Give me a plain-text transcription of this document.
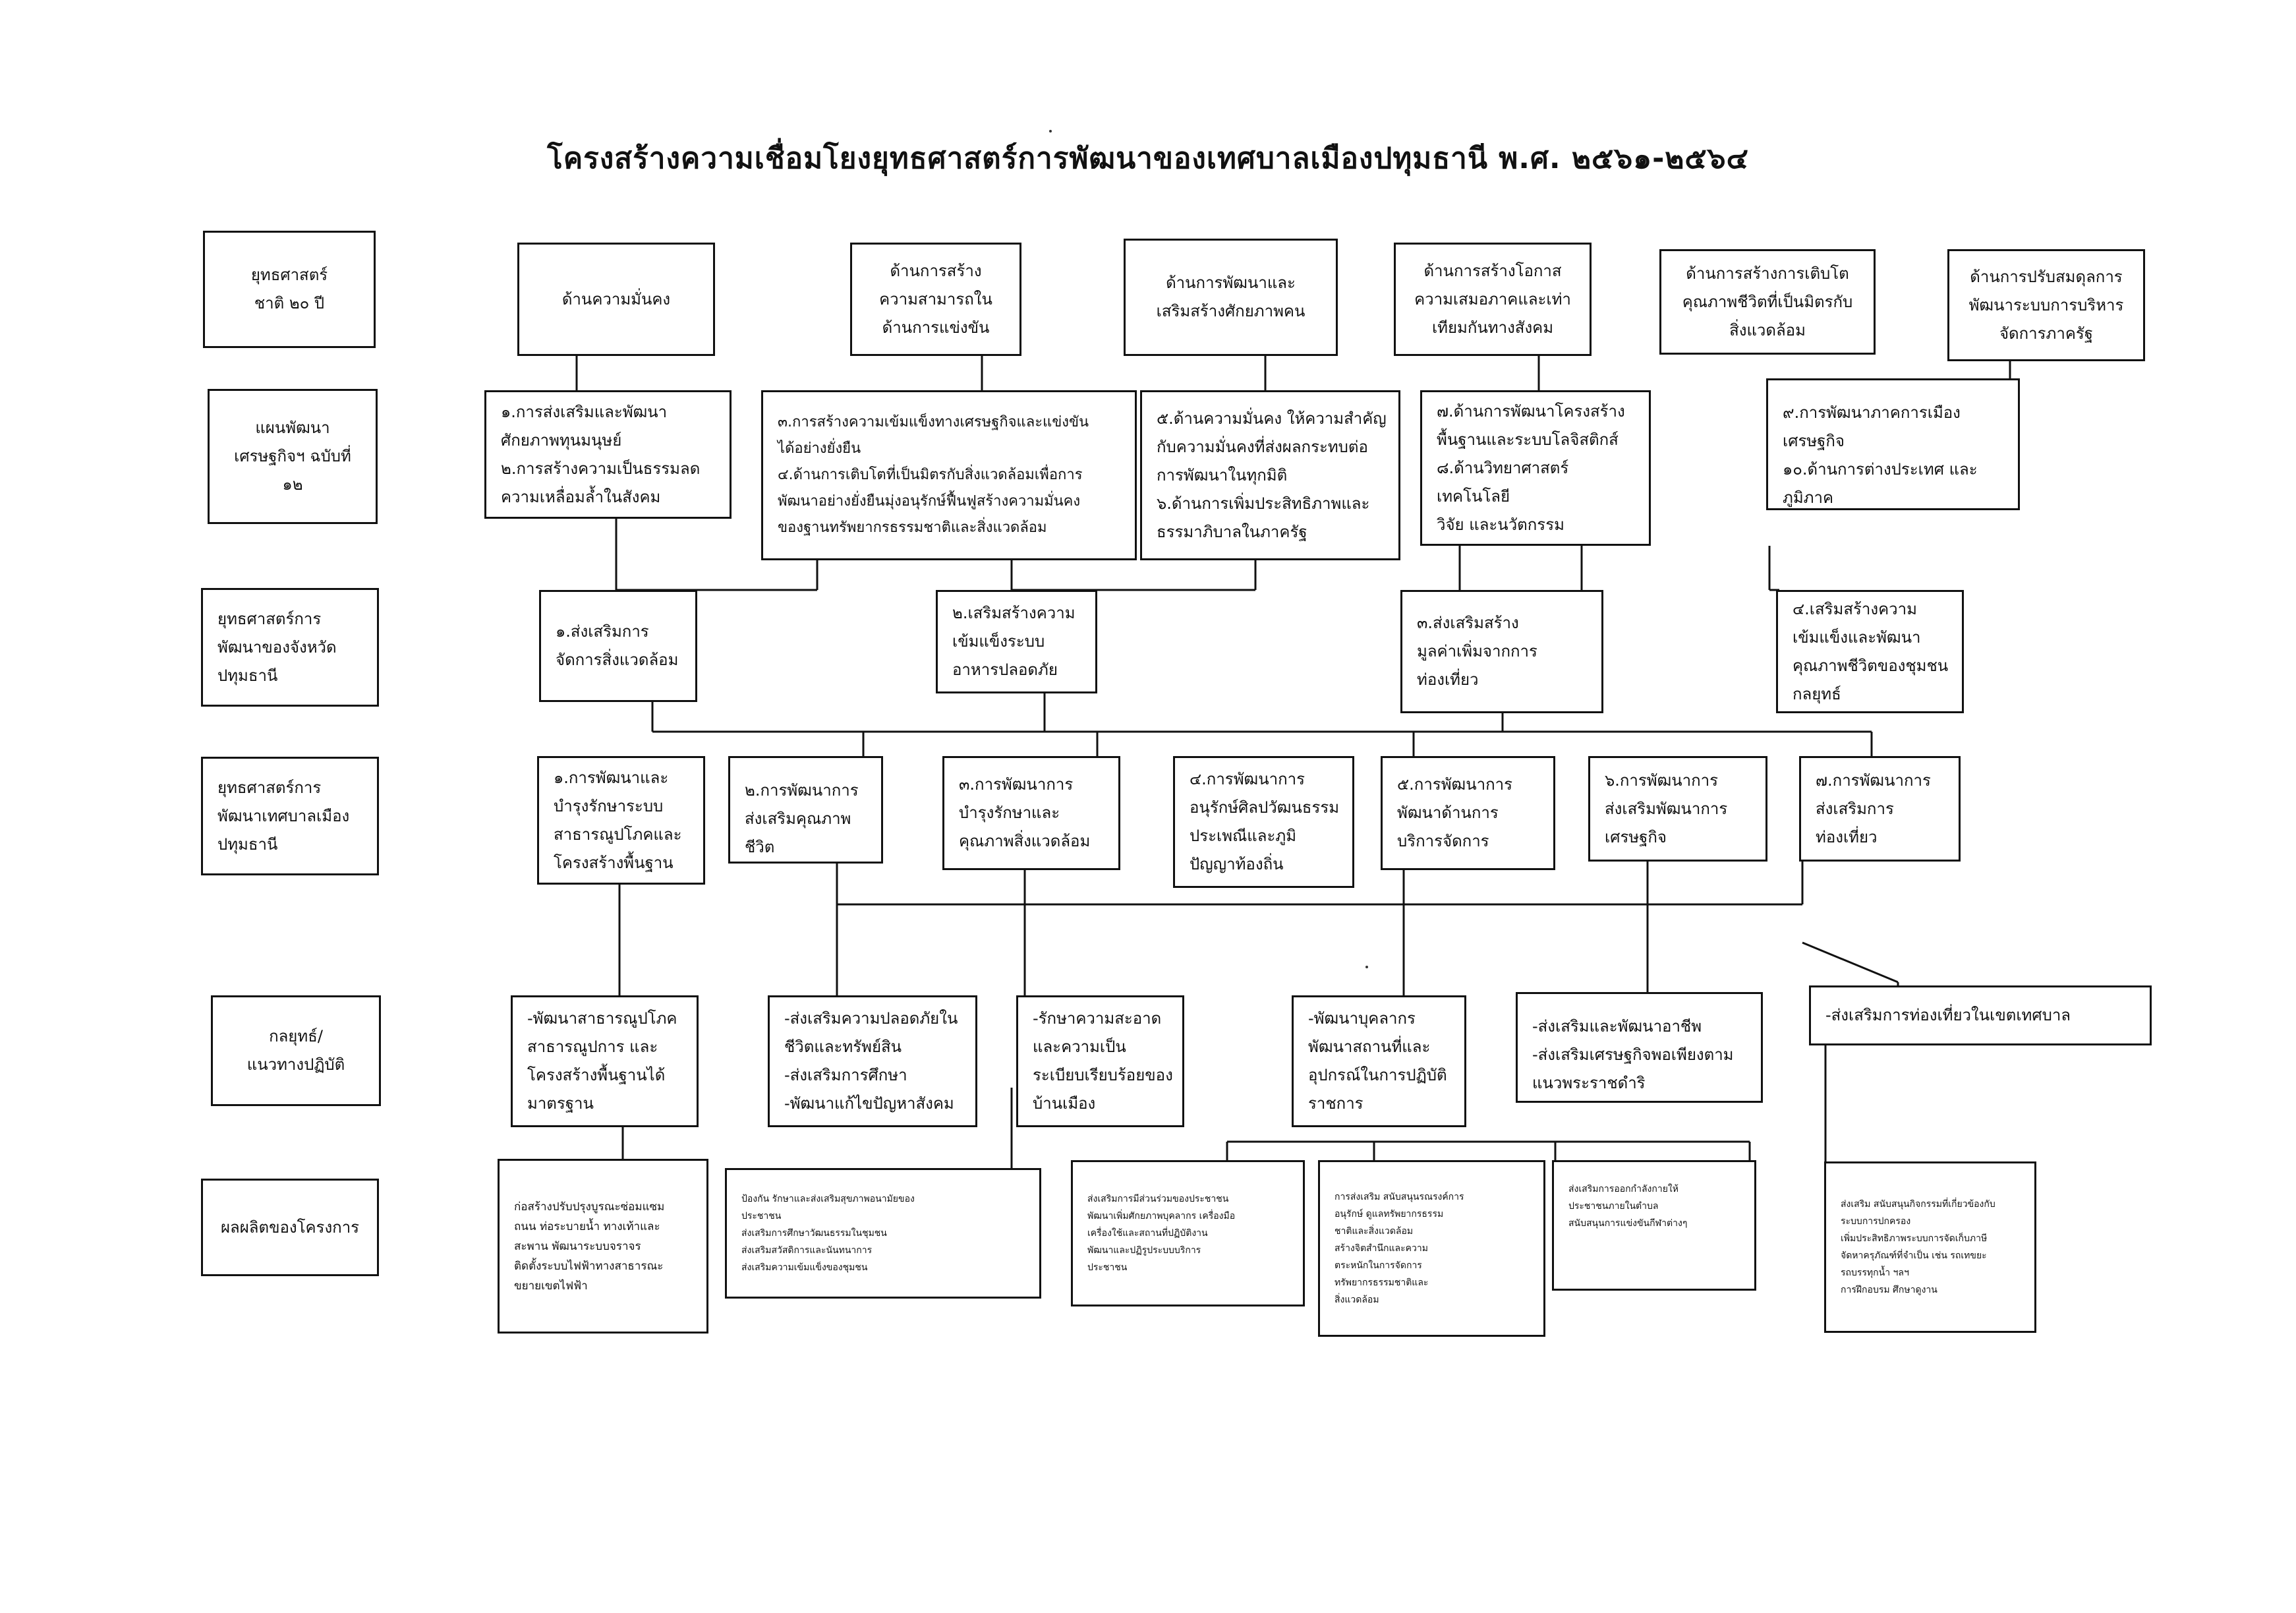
โครงสร้างความเชื่อมโยงยุทธศาสตร์การพัฒนาของเทศบาลเมืองปทุมธานี พ.ศ. ๒๕๖๑-๒๕๖๔
ยุทธศาสตร์
ชาติ ๒๐ ปี
แผนพัฒนา
เศรษฐกิจฯ ฉบับที่
๑๒
ยุทธศาสตร์การ
พัฒนาของจังหวัด
ปทุมธานี
ยุทธศาสตร์การ
พัฒนาเทศบาลเมือง
ปทุมธานี
กลยุทธ์/
แนวทางปฏิบัติ
ผลผลิตของโครงการ
ด้านความมั่นคง
ด้านการสร้าง
ความสามารถใน
ด้านการแข่งขัน
ด้านการพัฒนาและ
เสริมสร้างศักยภาพคน
ด้านการสร้างโอกาส
ความเสมอภาคและเท่า
เทียมกันทางสังคม
ด้านการสร้างการเติบโต
คุณภาพชีวิตที่เป็นมิตรกับ
สิ่งแวดล้อม
ด้านการปรับสมดุลการ
พัฒนาระบบการบริหาร
จัดการภาครัฐ
๑.การส่งเสริมและพัฒนา
ศักยภาพทุนมนุษย์
๒.การสร้างความเป็นธรรมลด
ความเหลื่อมล้ำในสังคม
๓.การสร้างความเข้มแข็งทางเศรษฐกิจและแข่งขัน
ได้อย่างยั่งยืน
๔.ด้านการเติบโตที่เป็นมิตรกับสิ่งแวดล้อมเพื่อการ
พัฒนาอย่างยั่งยืนมุ่งอนุรักษ์ฟื้นฟูสร้างความมั่นคง
ของฐานทรัพยากรธรรมชาติและสิ่งแวดล้อม
๕.ด้านความมั่นคง ให้ความสำคัญ
กับความมั่นคงที่ส่งผลกระทบต่อ
การพัฒนาในทุกมิติ
๖.ด้านการเพิ่มประสิทธิภาพและ
ธรรมาภิบาลในภาครัฐ
๗.ด้านการพัฒนาโครงสร้าง
พื้นฐานและระบบโลจิสติกส์
๘.ด้านวิทยาศาสตร์ เทคโนโลยี
วิจัย และนวัตกรรม
๙.การพัฒนาภาคการเมือง
เศรษฐกิจ
๑๐.ด้านการต่างประเทศ และ
ภูมิภาค
๑.ส่งเสริมการ
จัดการสิ่งแวดล้อม
๒.เสริมสร้างความ
เข้มแข็งระบบ
อาหารปลอดภัย
๓.ส่งเสริมสร้าง
มูลค่าเพิ่มจากการ
ท่องเที่ยว
๔.เสริมสร้างความ
เข้มแข็งและพัฒนา
คุณภาพชีวิตของชุมชน
กลยุทธ์
๑.การพัฒนาและ
บำรุงรักษาระบบ
สาธารณูปโภคและ
โครงสร้างพื้นฐาน
๒.การพัฒนาการ
ส่งเสริมคุณภาพชีวิต
๓.การพัฒนาการ
บำรุงรักษาและ
คุณภาพสิ่งแวดล้อม
๔.การพัฒนาการ
อนุรักษ์ศิลปวัฒนธรรม
ประเพณีและภูมิ
ปัญญาท้องถิ่น
๕.การพัฒนาการ
พัฒนาด้านการ
บริการจัดการ
๖.การพัฒนาการ
ส่งเสริมพัฒนาการ
เศรษฐกิจ
๗.การพัฒนาการ
ส่งเสริมการ
ท่องเที่ยว
-พัฒนาสาธารณูปโภค
สาธารณูปการ และ
โครงสร้างพื้นฐานได้
มาตรฐาน
-ส่งเสริมความปลอดภัยใน
ชีวิตและทรัพย์สิน
-ส่งเสริมการศึกษา
-พัฒนาแก้ไขปัญหาสังคม
-รักษาความสะอาด
และความเป็น
ระเบียบเรียบร้อยของ
บ้านเมือง
-พัฒนาบุคลากร
พัฒนาสถานที่และ
อุปกรณ์ในการปฏิบัติ
ราชการ
-ส่งเสริมและพัฒนาอาชีพ
-ส่งเสริมเศรษฐกิจพอเพียงตาม
แนวพระราชดำริ
-ส่งเสริมการท่องเที่ยวในเขตเทศบาล
ก่อสร้างปรับปรุงบูรณะซ่อมแซม
ถนน ท่อระบายน้ำ ทางเท้าและ
สะพาน พัฒนาระบบจราจร
ติดตั้งระบบไฟฟ้าทางสาธารณะ
ขยายเขตไฟฟ้า
ป้องกัน รักษาและส่งเสริมสุขภาพอนามัยของ
ประชาชน
ส่งเสริมการศึกษาวัฒนธรรมในชุมชน
ส่งเสริมสวัสดิการและนันทนาการ
ส่งเสริมความเข้มแข็งของชุมชน
ส่งเสริมการมีส่วนร่วมของประชาชน
พัฒนาเพิ่มศักยภาพบุคลากร เครื่องมือ
เครื่องใช้และสถานที่ปฏิบัติงาน
พัฒนาและปฏิรูประบบบริการ
ประชาชน
การส่งเสริม สนับสนุนรณรงค์การ
อนุรักษ์ ดูแลทรัพยากรธรรม
ชาติและสิ่งแวดล้อม
สร้างจิตสำนึกและความ
ตระหนักในการจัดการ
ทรัพยากรธรรมชาติและ
สิ่งแวดล้อม
ส่งเสริมการออกกำลังกายให้
ประชาชนภายในตำบล
สนับสนุนการแข่งขันกีฬาต่างๆ
ส่งเสริม สนับสนุนกิจกรรมที่เกี่ยวข้องกับ
ระบบการปกครอง
เพิ่มประสิทธิภาพระบบการจัดเก็บภาษี
จัดหาครุภัณฑ์ที่จำเป็น เช่น รถเทขยะ
รถบรรทุกน้ำ ฯลฯ
การฝึกอบรม ศึกษาดูงาน
